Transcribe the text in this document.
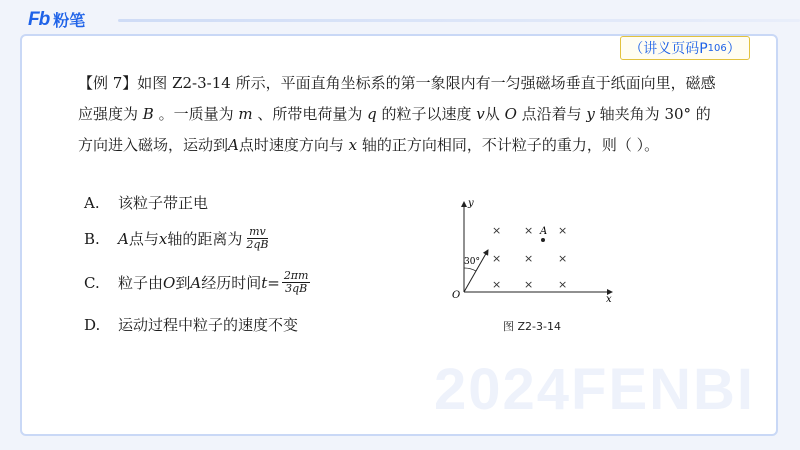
Fb 粉笔
2024FENBI
（讲义页码P 106 ）
【例 7】如图 Z2-3-14 所示，平面直角坐标系的第一象限内有一匀强磁场垂直于纸面向里，磁感应强度为 B 。一质量为 m 、所带电荷量为 q 的粒子以速度 v从 O 点沿着与 y 轴夹角为 30° 的方向进入磁场，运动到A点时速度方向与 x 轴的正方向相同，不计粒子的重力，则（ ）。
A.	该粒子带正电
B.	A 点与 x 轴的距离为 $\frac{mv}{2qB}$
C.	粒子由 O 到 A 经历时间 $t = \frac{2\pi m}{3qB}$
D.	运动过程中粒子的速度不变
y
x
O
30°
A
× × ×
× × ×
× × ×
图 Z2-3-14
